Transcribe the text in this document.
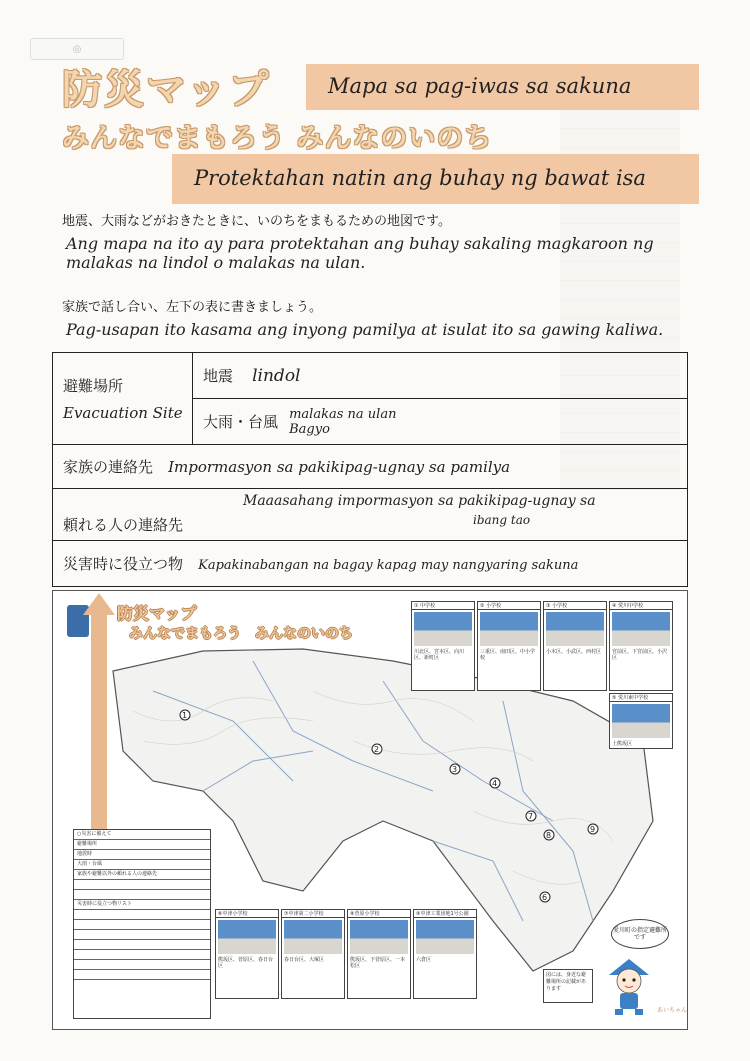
◎
防災マップ	Mapa sa pag-iwas sa sakuna
みんなでまもろう みんなのいのち
Protektahan natin ang buhay ng bawat isa
地震、大雨などがおきたときに、いのちをまもるための地図です。
Ang mapa na ito ay para protektahan ang buhay sakaling magkaroon ng malakas na lindol o malakas na ulan.
家族で話し合い、左下の表に書きましょう。
Pag-usapan ito kasama ang inyong pamilya at isulat ito sa gawing kaliwa.
避難場所
Evacuation Site
	地震 lindol
大雨・台風 malakas na ulan
Bagyo

家族の連絡先 Impormasyon sa pakikipag-ugnay sa pamilya
頼れる人の連絡先
Maaasahang impormasyon sa pakikipag-ugnay sa
ibang tao

災害時に役立つ物 Kapakinabangan na bagay kapag may nangyaring sakuna
1
2
3
4
7
8
9
6
防災マップ
みんなでまもろう　みんなのいのち
① 中学校
川北区、宮本区、向川区、新町区
② 小学校
三重区、南田区、中小学校
③ 小学校
小木区、小武区、西村区
④ 愛川中学校
宮前区、下宮前区、小沢区
⑤ 愛川東中学校
上熊坂区
⑥中津小学校
熊坂区、菅原区、春日台区
⑦中津第二小学校
春日台区、大塚区
⑧菅原小学校
熊坂区、下菅原区、一本松区
⑨中津工業団地1号公園
六倉区
○災害に備えて
避難場所
地震時
大雨・台風
家族や避難以外の頼れる人の連絡先
災害時に役立つ物リスト
図には、身近な避難場所の記載があります
愛川町の指定避難所です
あいちゃん
